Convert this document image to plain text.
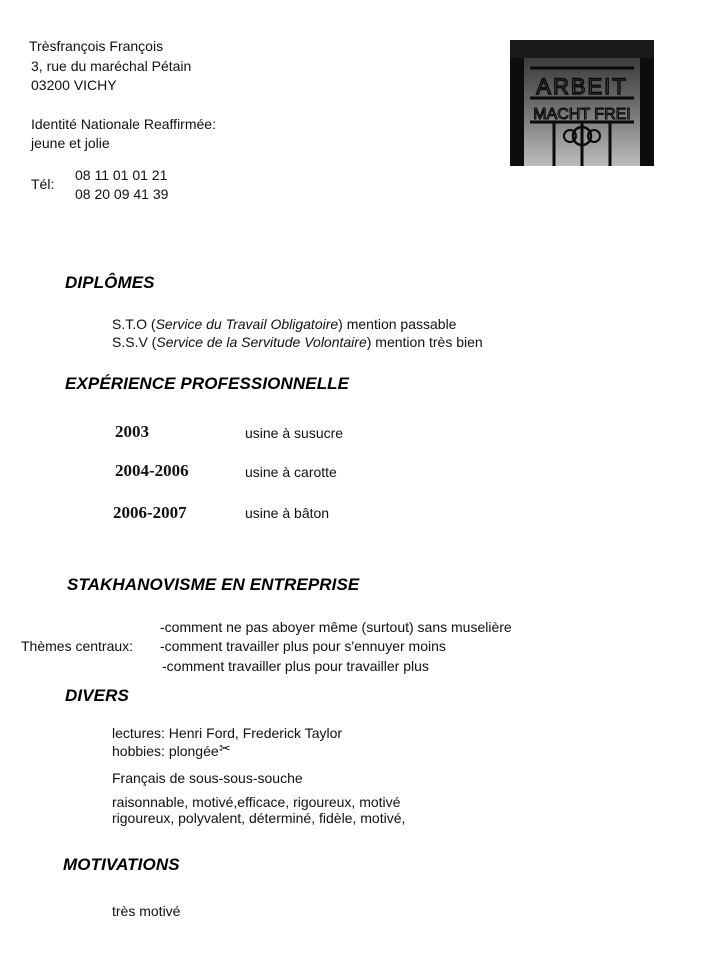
Trèsfrançois François
3, rue du maréchal Pétain
03200 VICHY
Identité Nationale Reaffirmée:
jeune et jolie
Tél:
08 11 01 01 21
08 20 09 41 39
ARBEIT
MACHT FREI
DIPLÔMES
S.T.O (Service du Travail Obligatoire) mention passable
S.S.V (Service de la Servitude Volontaire) mention très bien
EXPÉRIENCE PROFESSIONNELLE
2003	usine à susucre
2004-2006	usine à carotte
2006-2007	usine à bâton
STAKHANOVISME EN ENTREPRISE
-comment ne pas aboyer même (surtout) sans muselière
Thèmes centraux: -comment travailler plus pour s'ennuyer moins
-comment travailler plus pour travailler plus
DIVERS
lectures: Henri Ford, Frederick Taylor
hobbies: plongée ✂
Français de sous-sous-souche
raisonnable, motivé,efficace, rigoureux, motivé
rigoureux, polyvalent, déterminé, fidèle, motivé,
MOTIVATIONS
très motivé
